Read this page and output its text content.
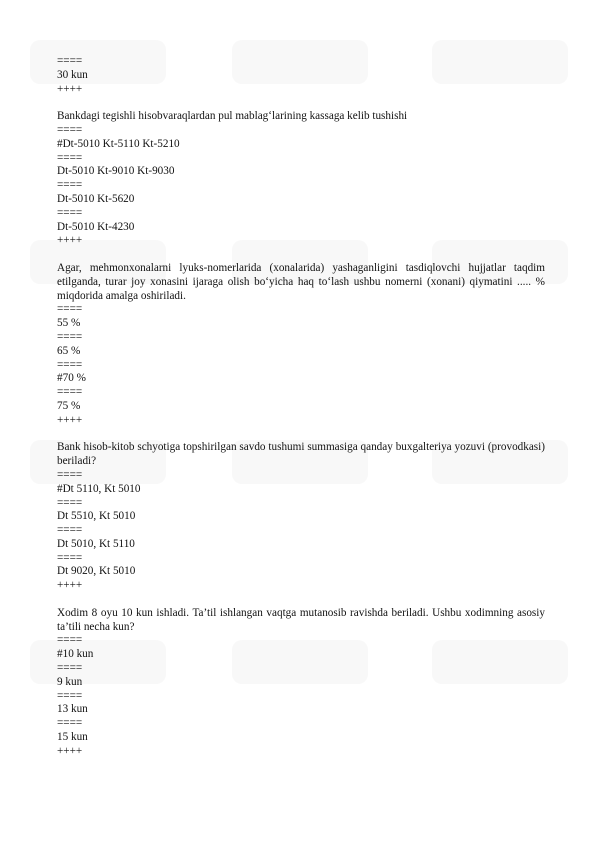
====
30 kun
++++
Bankdagi tegishli hisobvaraqlardan pul mablag‘larining kassaga kelib tushishi
====
#Dt-5010 Kt-5110 Kt-5210
====
Dt-5010 Kt-9010 Kt-9030
====
Dt-5010 Kt-5620
====
Dt-5010 Kt-4230
++++
Agar, mehmonxonalarni lyuks-nomerlarida (xonalarida) yashaganligini tasdiqlovchi hujjatlar taqdim etilganda, turar joy xonasini ijaraga olish bo‘yicha haq to‘lash ushbu nomerni (xonani) qiymatini ..... % miqdorida amalga oshiriladi.
====
55 %
====
65 %
====
#70 %
====
75 %
++++
Bank hisob-kitob schyotiga topshirilgan savdo tushumi summasiga qanday buxgalteriya yozuvi (provodkasi) beriladi?
====
#Dt 5110, Kt 5010
====
Dt 5510, Kt 5010
====
Dt 5010, Kt 5110
====
Dt 9020, Kt 5010
++++
Xodim 8 oyu 10 kun ishladi. Ta’til ishlangan vaqtga mutanosib ravishda beriladi. Ushbu xodimning asosiy ta’tili necha kun?
====
#10 kun
====
9 kun
====
13 kun
====
15 kun
++++
